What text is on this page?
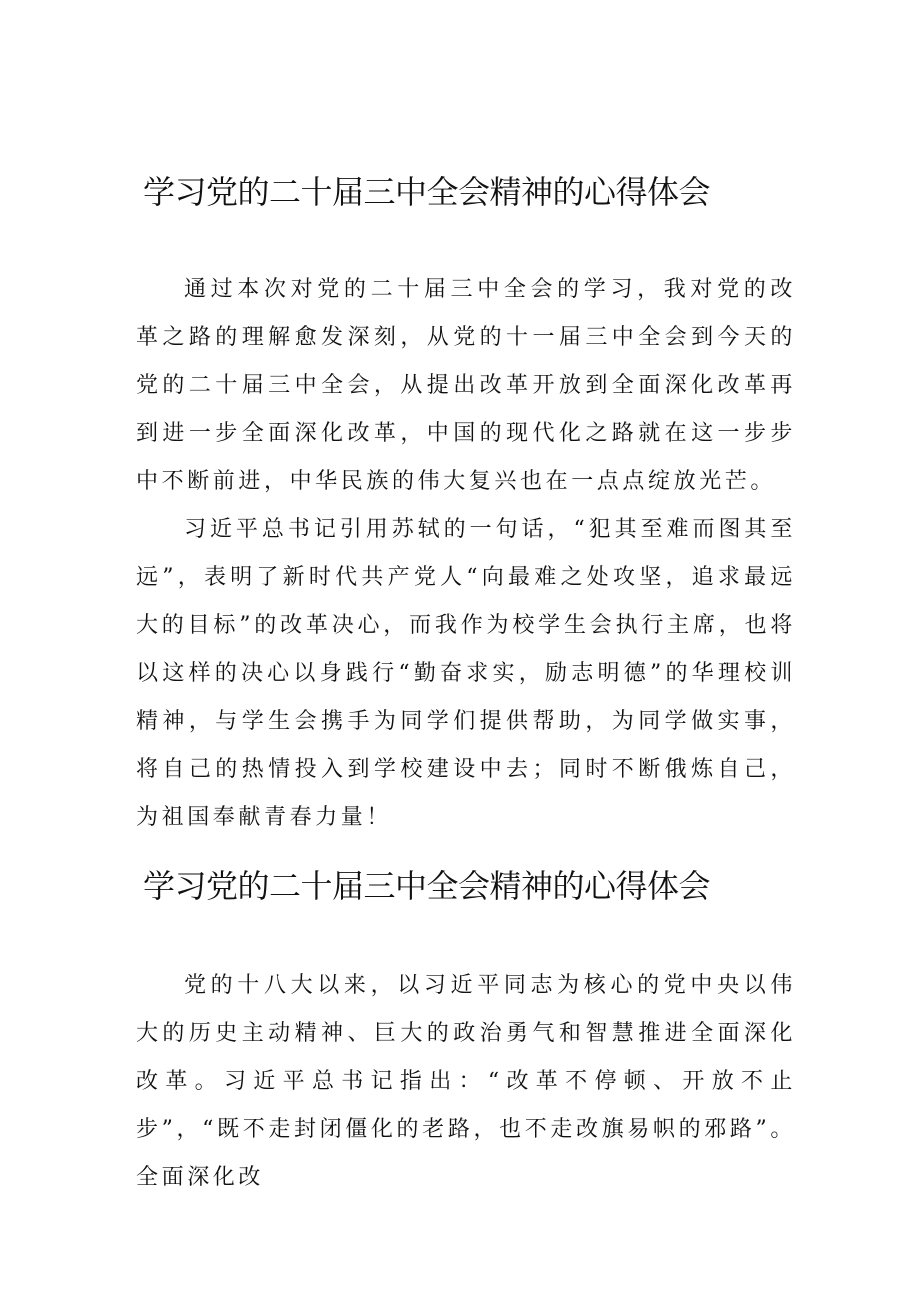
学习党的二十届三中全会精神的心得体会

通过本次对党的二十届三中全会的学习，我对党的改革之路的理解愈发深刻，从党的十一届三中全会到今天的党的二十届三中全会，从提出改革开放到全面深化改革再到进一步全面深化改革，中国的现代化之路就在这一步步中不断前进，中华民族的伟大复兴也在一点点绽放光芒。

习近平总书记引用苏轼的一句话，“犯其至难而图其至远”，表明了新时代共产党人“向最难之处攻坚，追求最远大的目标”的改革决心，而我作为校学生会执行主席，也将以这样的决心以身践行“勤奋求实，励志明德”的华理校训精神，与学生会携手为同学们提供帮助，为同学做实事，将自己的热情投入到学校建设中去；同时不断俄炼自己，为祖国奉献青春力量！

学习党的二十届三中全会精神的心得体会

党的十八大以来，以习近平同志为核心的党中央以伟大的历史主动精神、巨大的政治勇气和智慧推进全面深化改革。习近平总书记指出：“改革不停顿、开放不止步”，“既不走封闭僵化的老路，也不走改旗易帜的邪路”。全面深化改
